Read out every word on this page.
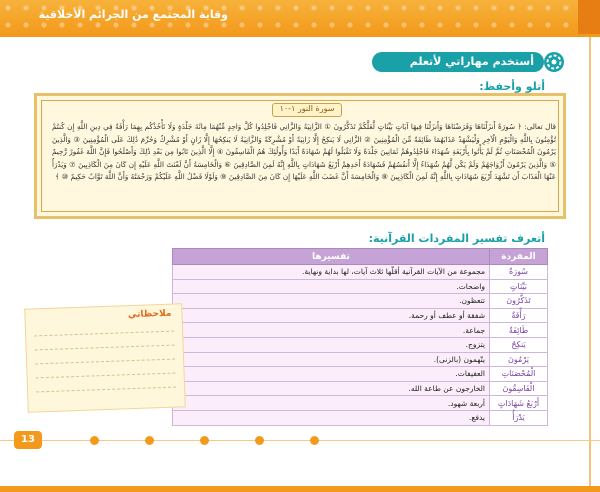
وقاية المجتمع من الجرائم الأخلاقية
أستخدم مهاراتي لأتعلم
أتلو وأحفظ:
سورة النور ١-١٠
قال تعالى: ﴿ سُورَةٌ أَنزَلْنَاهَا وَفَرَضْنَاهَا وَأَنزَلْنَا فِيهَا آيَاتٍ بَيِّنَاتٍ لَّعَلَّكُمْ تَذَكَّرُونَ ① الزَّانِيَةُ وَالزَّانِي فَاجْلِدُوا كُلَّ وَاحِدٍ مِّنْهُمَا مِائَةَ جَلْدَةٍ وَلَا تَأْخُذْكُم بِهِمَا رَأْفَةٌ فِي دِينِ اللَّهِ إِن كُنتُمْ تُؤْمِنُونَ بِاللَّهِ وَالْيَوْمِ الْآخِرِ وَلْيَشْهَدْ عَذَابَهُمَا طَائِفَةٌ مِّنَ الْمُؤْمِنِينَ ② الزَّانِي لَا يَنكِحُ إِلَّا زَانِيَةً أَوْ مُشْرِكَةً وَالزَّانِيَةُ لَا يَنكِحُهَا إِلَّا زَانٍ أَوْ مُشْرِكٌ وَحُرِّمَ ذَٰلِكَ عَلَى الْمُؤْمِنِينَ ③ وَالَّذِينَ يَرْمُونَ الْمُحْصَنَاتِ ثُمَّ لَمْ يَأْتُوا بِأَرْبَعَةِ شُهَدَاءَ فَاجْلِدُوهُمْ ثَمَانِينَ جَلْدَةً وَلَا تَقْبَلُوا لَهُمْ شَهَادَةً أَبَدًا وَأُولَٰئِكَ هُمُ الْفَاسِقُونَ ④ إِلَّا الَّذِينَ تَابُوا مِن بَعْدِ ذَٰلِكَ وَأَصْلَحُوا فَإِنَّ اللَّهَ غَفُورٌ رَّحِيمٌ ⑤ وَالَّذِينَ يَرْمُونَ أَزْوَاجَهُمْ وَلَمْ يَكُن لَّهُمْ شُهَدَاءُ إِلَّا أَنفُسُهُمْ فَشَهَادَةُ أَحَدِهِمْ أَرْبَعُ شَهَادَاتٍ بِاللَّهِ إِنَّهُ لَمِنَ الصَّادِقِينَ ⑥ وَالْخَامِسَةُ أَنَّ لَعْنَتَ اللَّهِ عَلَيْهِ إِن كَانَ مِنَ الْكَاذِبِينَ ⑦ وَيَدْرَأُ عَنْهَا الْعَذَابَ أَن تَشْهَدَ أَرْبَعَ شَهَادَاتٍ بِاللَّهِ إِنَّهُ لَمِنَ الْكَاذِبِينَ ⑧ وَالْخَامِسَةَ أَنَّ غَضَبَ اللَّهِ عَلَيْهَا إِن كَانَ مِنَ الصَّادِقِينَ ⑨ وَلَوْلَا فَضْلُ اللَّهِ عَلَيْكُمْ وَرَحْمَتُهُ وَأَنَّ اللَّهَ تَوَّابٌ حَكِيمٌ ⑩ ﴾
أتعرف تفسير المفردات القرآنية:
المفردة	تفسيرها
سُورَةٌ	مجموعة من الآيات القرآنية أقلّها ثلاث آيات، لها بداية ونهاية.
بَيِّنَاتٍ	واضحات.
تَذَكَّرُونَ	تتعظون.
رَأْفَةٌ	شفقة أو عطف أو رحمة.
طَائِفَةٌ	جماعة.
يَنكِحُ	يتزوج.
يَرْمُونَ	يتّهمون (بالزنى).
الْمُحْصَنَاتِ	العفيفات.
الْفَاسِقُونَ	الخارجون عن طاعة الله.
أَرْبَعُ شَهَادَاتٍ	أربعة شهود.
يَدْرَأُ	يدفع.
ملاحظاتي
13
